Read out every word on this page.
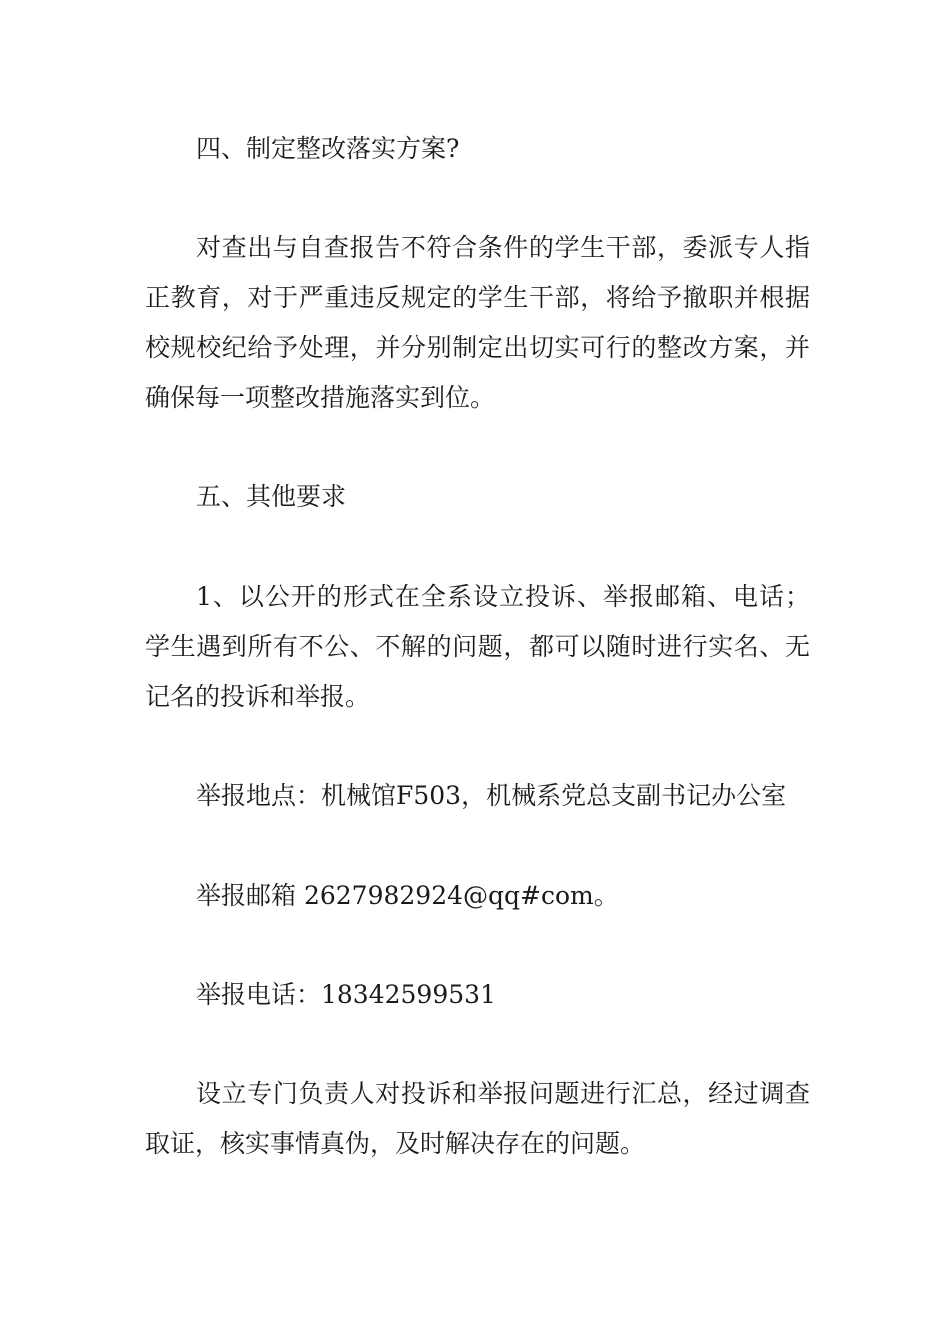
四、制定整改落实方案?

对查出与自查报告不符合条件的学生干部，委派专人指正教育，对于严重违反规定的学生干部，将给予撤职并根据校规校纪给予处理，并分别制定出切实可行的整改方案，并确保每一项整改措施落实到位。

五、其他要求

1、以公开的形式在全系设立投诉、举报邮箱、电话；学生遇到所有不公、不解的问题，都可以随时进行实名、无记名的投诉和举报。

举报地点：机械馆F503，机械系党总支副书记办公室

举报邮箱 2627982924@qq#com。

举报电话：18342599531

设立专门负责人对投诉和举报问题进行汇总，经过调查取证，核实事情真伪，及时解决存在的问题。
